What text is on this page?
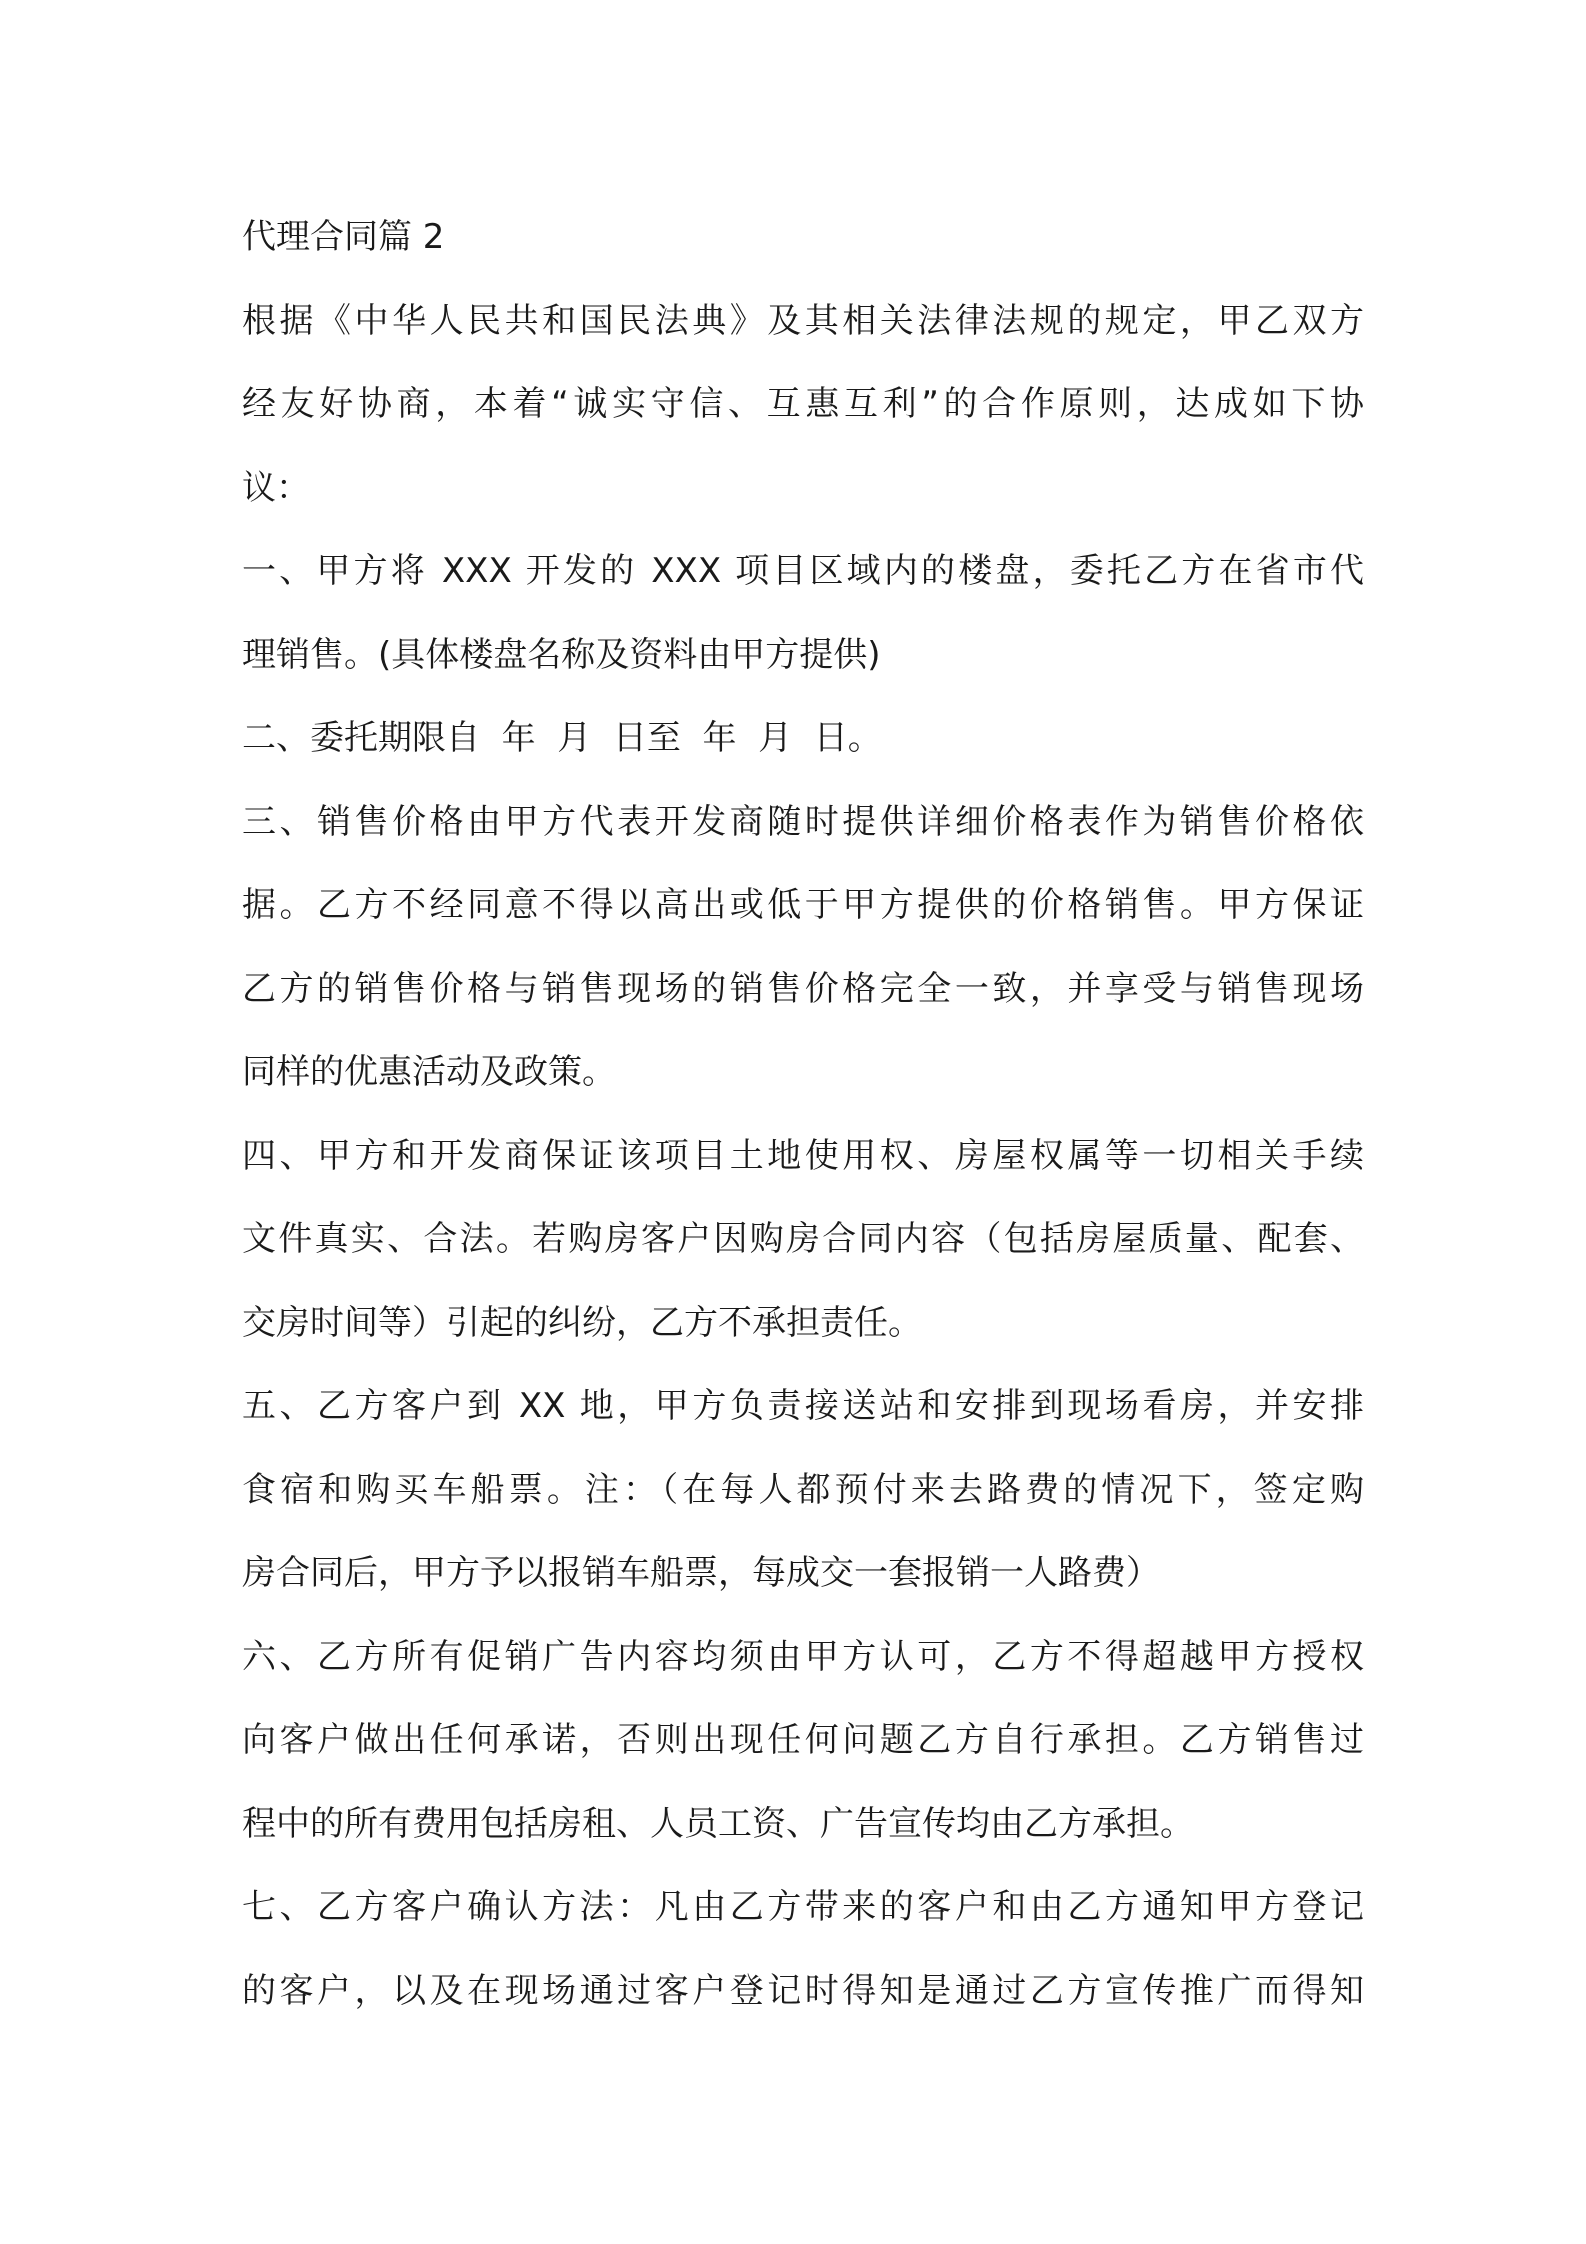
代理合同篇 2

根据《中华人民共和国民法典》及其相关法律法规的规定，甲乙双方
经友好协商，本着“诚实守信、互惠互利”的合作原则，达成如下协
议：

一、甲方将 XXX 开发的 XXX 项目区域内的楼盘，委托乙方在省市代
理销售。(具体楼盘名称及资料由甲方提供)

二、委托期限自  年  月  日至  年  月  日。

三、销售价格由甲方代表开发商随时提供详细价格表作为销售价格依
据。乙方不经同意不得以高出或低于甲方提供的价格销售。甲方保证
乙方的销售价格与销售现场的销售价格完全一致，并享受与销售现场
同样的优惠活动及政策。

四、甲方和开发商保证该项目土地使用权、房屋权属等一切相关手续
文件真实、合法。若购房客户因购房合同内容（包括房屋质量、配套、
交房时间等）引起的纠纷，乙方不承担责任。

五、乙方客户到 XX 地，甲方负责接送站和安排到现场看房，并安排
食宿和购买车船票。注：（在每人都预付来去路费的情况下，签定购
房合同后，甲方予以报销车船票，每成交一套报销一人路费）

六、乙方所有促销广告内容均须由甲方认可，乙方不得超越甲方授权
向客户做出任何承诺，否则出现任何问题乙方自行承担。乙方销售过
程中的所有费用包括房租、人员工资、广告宣传均由乙方承担。

七、乙方客户确认方法：凡由乙方带来的客户和由乙方通知甲方登记
的客户，以及在现场通过客户登记时得知是通过乙方宣传推广而得知
